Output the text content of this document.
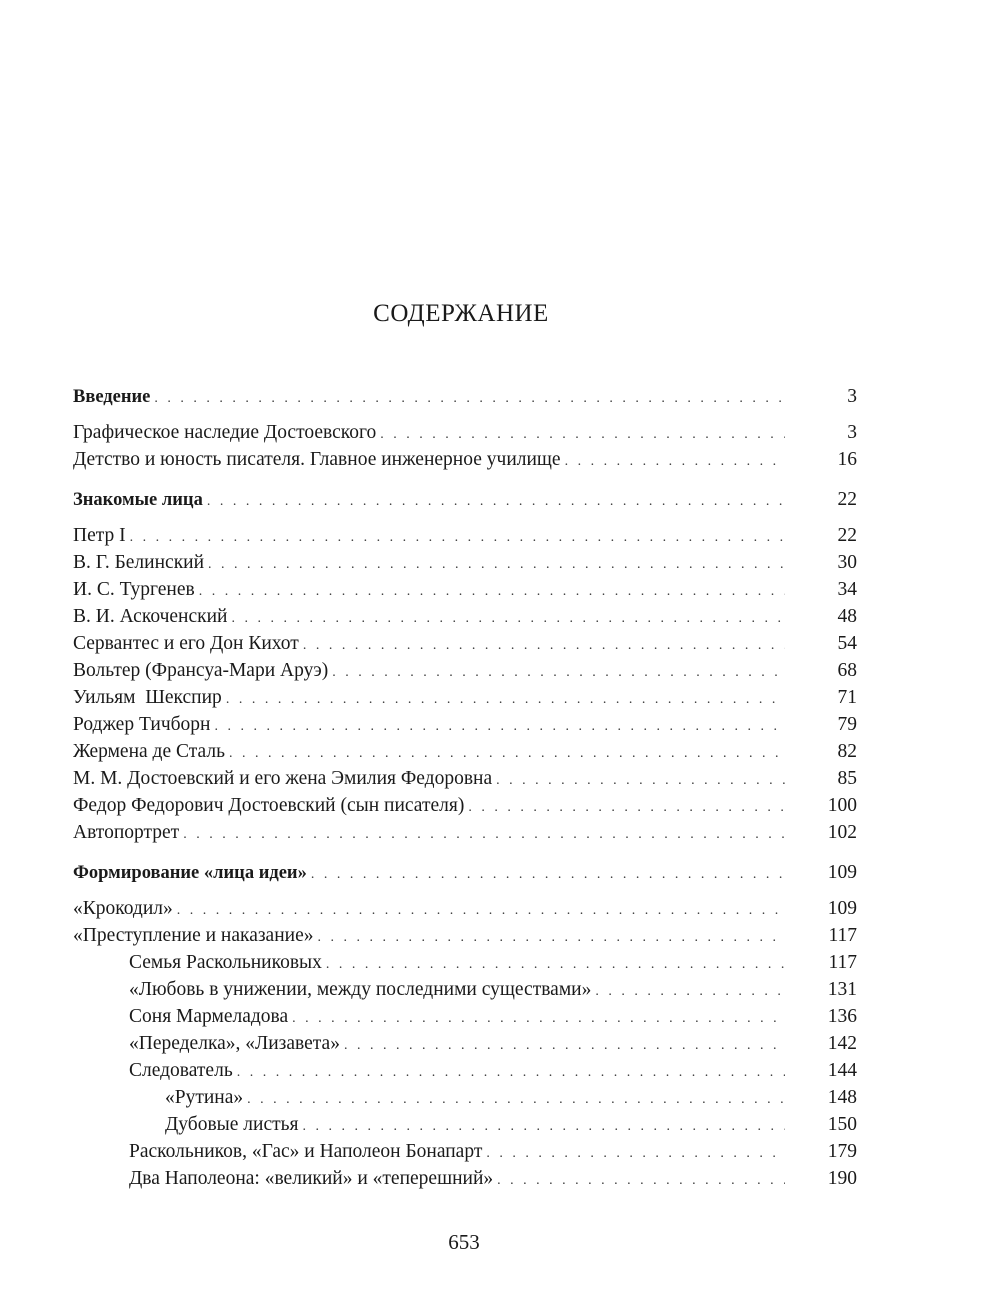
СОДЕРЖАНИЕ
Введение . . .	3
Графическое наследие Достоевского . . .	3
Детство и юность писателя. Главное инженерное училище . . .	16
Знакомые лица . . .	22
Петр I . . .	22
В. Г. Белинский . . .	30
И. С. Тургенев . . .	34
В. И. Аскоченский . . .	48
Сервантес и его Дон Кихот . . .	54
Вольтер (Франсуа-Мари Аруэ) . . .	68
Уильям  Шекспир . . .	71
Роджер Тичборн . . .	79
Жермена де Сталь . . .	82
М. М. Достоевский и его жена Эмилия Федоровна . . .	85
Федор Федорович Достоевский (сын писателя) . . .	100
Автопортрет . . .	102
Формирование «лица идеи» . . .	109
«Крокодил» . . .	109
«Преступление и наказание» . . .	117
Семья Раскольниковых . . .	117
«Любовь в унижении, между последними существами» . . .	131
Соня Мармеладова . . .	136
«Переделка», «Лизавета» . . .	142
Следователь . . .	144
«Рутина» . . .	148
Дубовые листья . . .	150
Раскольников, «Гас» и Наполеон Бонапарт . . .	179
Два Наполеона: «великий» и «теперешний» . . .	190
653
